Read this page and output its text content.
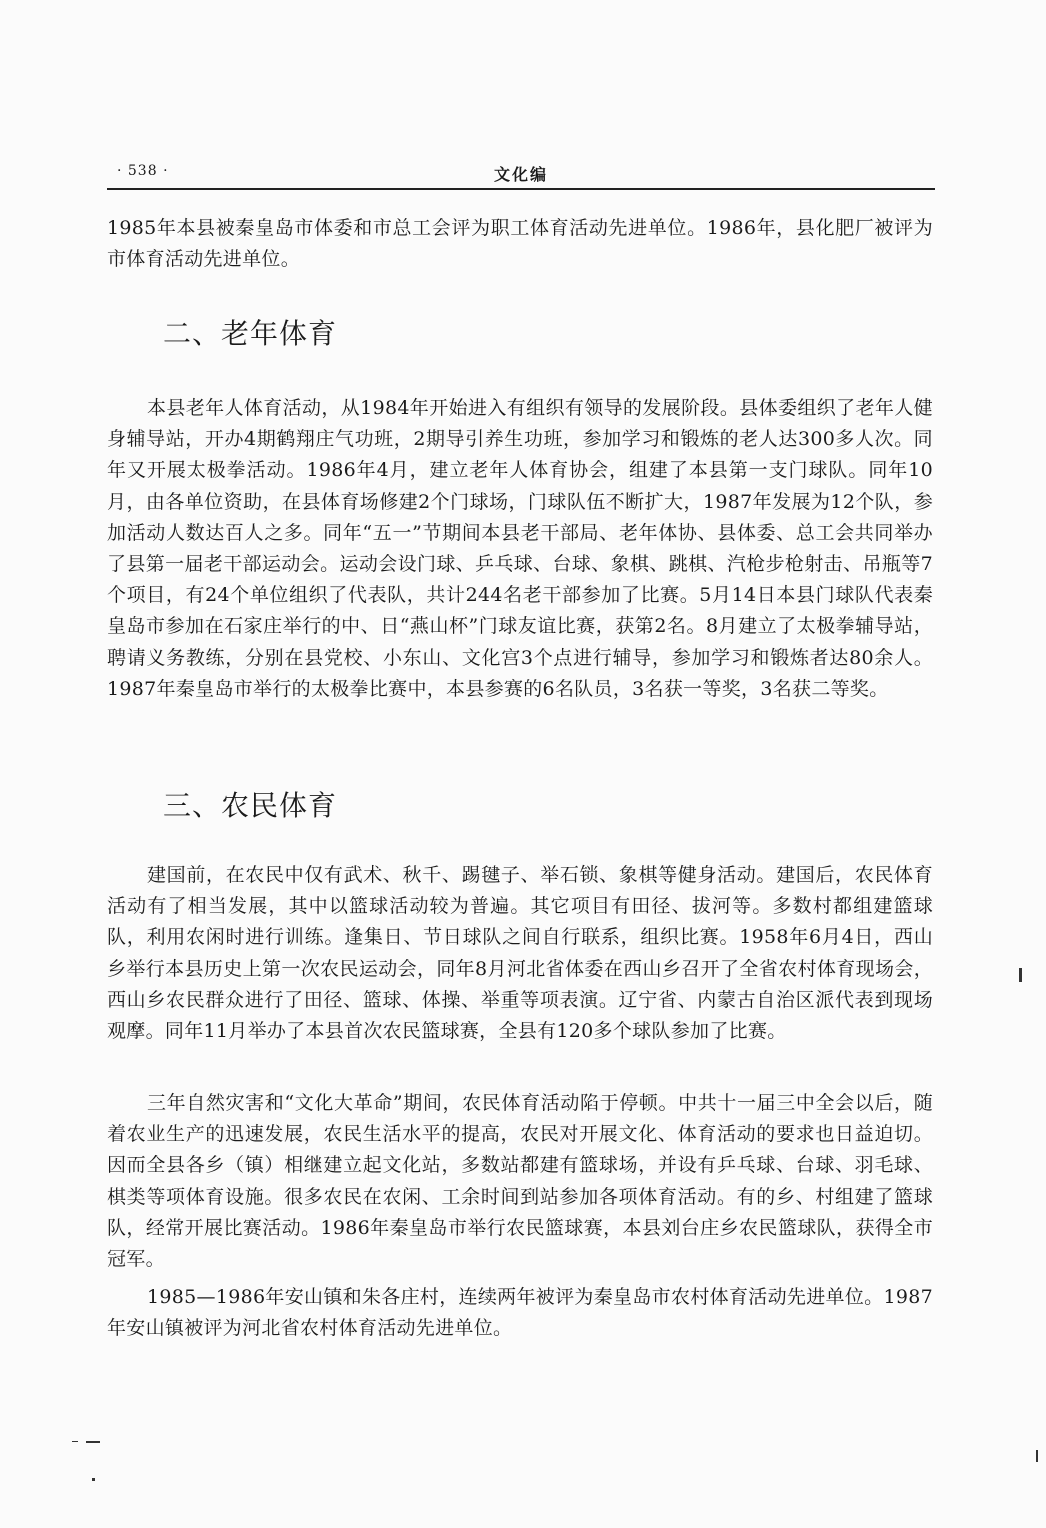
· 538 ·	文化编

1985年本县被秦皇岛市体委和市总工会评为职工体育活动先进单位。1986年，县化肥厂被评为市体育活动先进单位。

二、老年体育

本县老年人体育活动，从1984年开始进入有组织有领导的发展阶段。县体委组织了老年人健身辅导站，开办4期鹤翔庄气功班，2期导引养生功班，参加学习和锻炼的老人达300多人次。同年又开展太极拳活动。1986年4月，建立老年人体育协会，组建了本县第一支门球队。同年10月，由各单位资助，在县体育场修建2个门球场，门球队伍不断扩大，1987年发展为12个队，参加活动人数达百人之多。同年“五一”节期间本县老干部局、老年体协、县体委、总工会共同举办了县第一届老干部运动会。运动会设门球、乒乓球、台球、象棋、跳棋、汽枪步枪射击、吊瓶等7个项目，有24个单位组织了代表队，共计244名老干部参加了比赛。5月14日本县门球队代表秦皇岛市参加在石家庄举行的中、日“燕山杯”门球友谊比赛，获第2名。8月建立了太极拳辅导站，聘请义务教练，分别在县党校、小东山、文化宫3个点进行辅导，参加学习和锻炼者达80余人。1987年秦皇岛市举行的太极拳比赛中，本县参赛的6名队员，3名获一等奖，3名获二等奖。

三、农民体育

建国前，在农民中仅有武术、秋千、踢毽子、举石锁、象棋等健身活动。建国后，农民体育活动有了相当发展，其中以篮球活动较为普遍。其它项目有田径、拔河等。多数村都组建篮球队，利用农闲时进行训练。逢集日、节日球队之间自行联系，组织比赛。1958年6月4日，西山乡举行本县历史上第一次农民运动会，同年8月河北省体委在西山乡召开了全省农村体育现场会，西山乡农民群众进行了田径、篮球、体操、举重等项表演。辽宁省、内蒙古自治区派代表到现场观摩。同年11月举办了本县首次农民篮球赛，全县有120多个球队参加了比赛。

三年自然灾害和“文化大革命”期间，农民体育活动陷于停顿。中共十一届三中全会以后，随着农业生产的迅速发展，农民生活水平的提高，农民对开展文化、体育活动的要求也日益迫切。因而全县各乡（镇）相继建立起文化站，多数站都建有篮球场，并设有乒乓球、台球、羽毛球、棋类等项体育设施。很多农民在农闲、工余时间到站参加各项体育活动。有的乡、村组建了篮球队，经常开展比赛活动。1986年秦皇岛市举行农民篮球赛，本县刘台庄乡农民篮球队，获得全市冠军。

1985—1986年安山镇和朱各庄村，连续两年被评为秦皇岛市农村体育活动先进单位。1987年安山镇被评为河北省农村体育活动先进单位。
